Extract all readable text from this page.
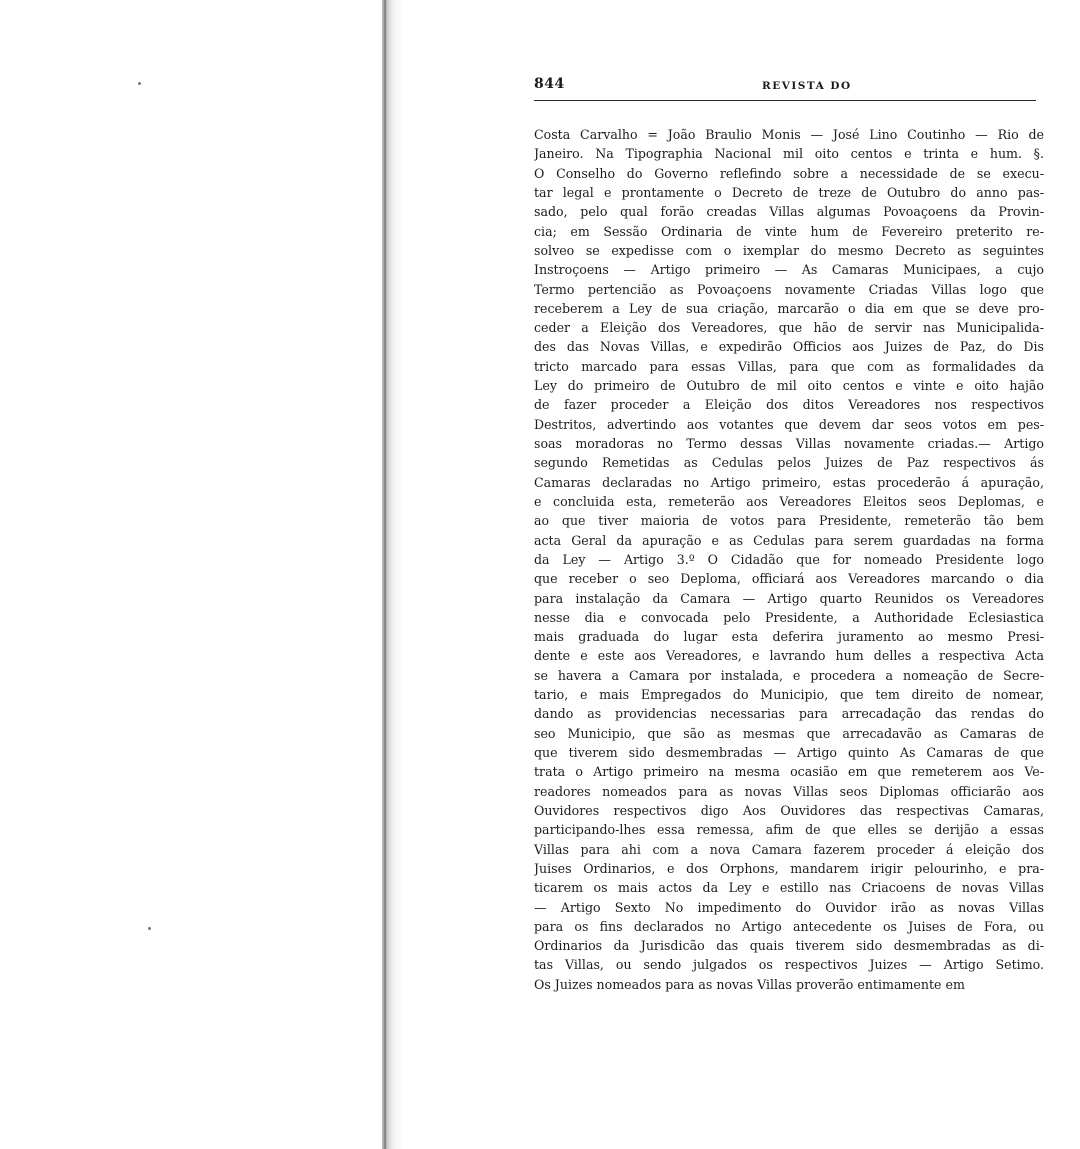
844	REVISTA DO
Costa Carvalho = João Braulio Monis — José Lino Coutinho — Rio de
Janeiro. Na Tipographia Nacional mil oito centos e trinta e hum. §.
O Conselho do Governo reflefindo sobre a necessidade de se execu-
tar legal e prontamente o Decreto de treze de Outubro do anno pas-
sado, pelo qual forão creadas Villas algumas Povoaçoens da Provin-
cia; em Sessão Ordinaria de vinte hum de Fevereiro preterito re-
solveo se expedisse com o ixemplar do mesmo Decreto as seguintes
Instroçoens — Artigo primeiro — As Camaras Municipaes, a cujo
Termo pertencião as Povoaçoens novamente Criadas Villas logo que
receberem a Ley de sua criação, marcarão o dia em que se deve pro-
ceder a Eleição dos Vereadores, que hão de servir nas Municipalida-
des das Novas Villas, e expedirão Officios aos Juizes de Paz, do Dis
tricto marcado para essas Villas, para que com as formalidades da
Ley do primeiro de Outubro de mil oito centos e vinte e oito hajão
de fazer proceder a Eleição dos ditos Vereadores nos respectivos
Destritos, advertindo aos votantes que devem dar seos votos em pes-
soas moradoras no Termo dessas Villas novamente criadas.— Artigo
segundo Remetidas as Cedulas pelos Juizes de Paz respectivos ás
Camaras declaradas no Artigo primeiro, estas procederão á apuração,
e concluida esta, remeterão aos Vereadores Eleitos seos Deplomas, e
ao que tiver maioria de votos para Presidente, remeterão tão bem
acta Geral da apuração e as Cedulas para serem guardadas na forma
da Ley — Artigo 3.º O Cidadão que for nomeado Presidente logo
que receber o seo Deploma, officiará aos Vereadores marcando o dia
para instalação da Camara — Artigo quarto Reunidos os Vereadores
nesse dia e convocada pelo Presidente, a Authoridade Eclesiastica
mais graduada do lugar esta deferira juramento ao mesmo Presi-
dente e este aos Vereadores, e lavrando hum delles a respectiva Acta
se havera a Camara por instalada, e procedera a nomeação de Secre-
tario, e mais Empregados do Municipio, que tem direito de nomear,
dando as providencias necessarias para arrecadação das rendas do
seo Municipio, que são as mesmas que arrecadavão as Camaras de
que tiverem sido desmembradas — Artigo quinto As Camaras de que
trata o Artigo primeiro na mesma ocasião em que remeterem aos Ve-
readores nomeados para as novas Villas seos Diplomas officiarão aos
Ouvidores respectivos digo Aos Ouvidores das respectivas Camaras,
participando-lhes essa remessa, afim de que elles se derijão a essas
Villas para ahi com a nova Camara fazerem proceder á eleição dos
Juises Ordinarios, e dos Orphons, mandarem irigir pelourinho, e pra-
ticarem os mais actos da Ley e estillo nas Criacoens de novas Villas
— Artigo Sexto No impedimento do Ouvidor irão as novas Villas
para os fins declarados no Artigo antecedente os Juises de Fora, ou
Ordinarios da Jurisdicão das quais tiverem sido desmembradas as di-
tas Villas, ou sendo julgados os respectivos Juizes — Artigo Setimo.
Os Juizes nomeados para as novas Villas proverão entimamente em
